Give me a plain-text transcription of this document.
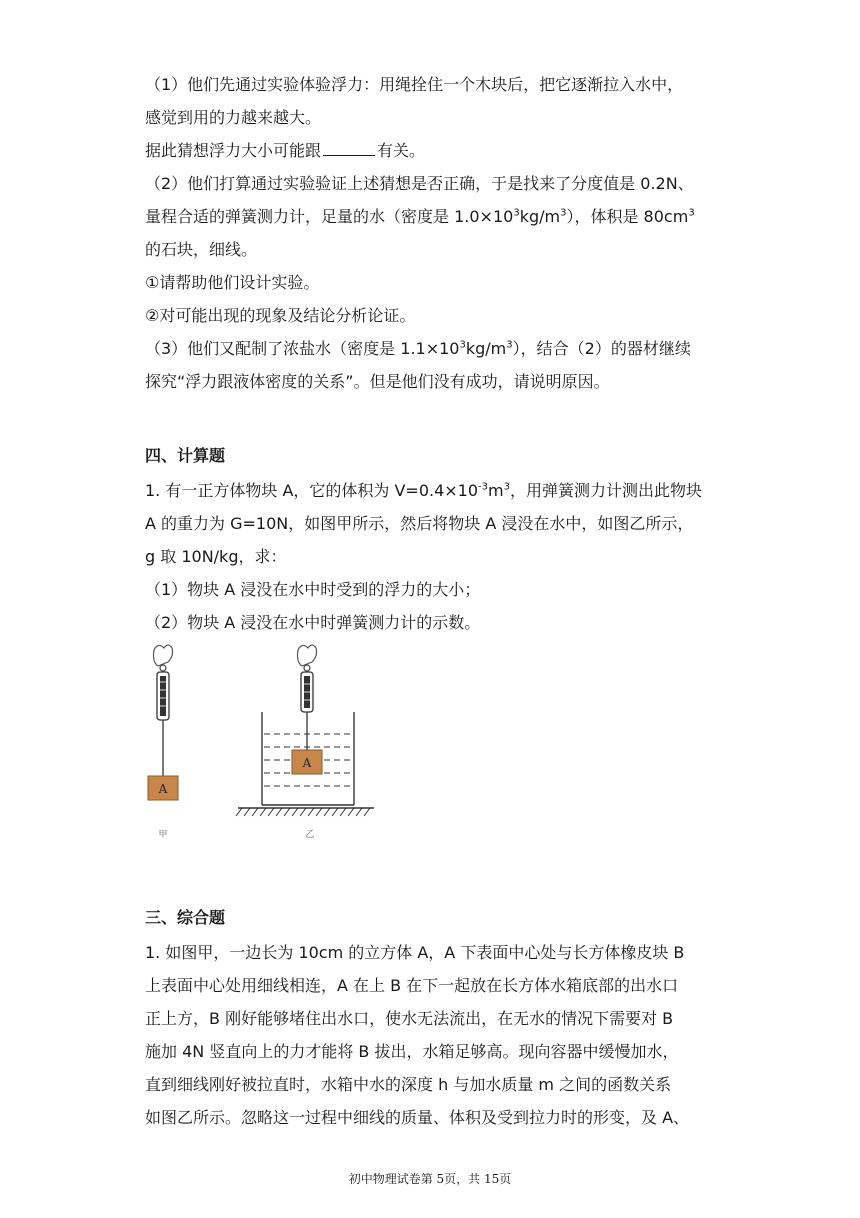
（1）他们先通过实验体验浮力：用绳拴住一个木块后，把它逐渐拉入水中，
感觉到用的力越来越大。
据此猜想浮力大小可能跟	有关。
（2）他们打算通过实验验证上述猜想是否正确，于是找来了分度值是 0.2N、
量程合适的弹簧测力计，足量的水（密度是 $1.0\times 10^3kg/m^3$），体积是 $80cm^3$
的石块，细线。
①请帮助他们设计实验。
②对可能出现的现象及结论分析论证。
（3）他们又配制了浓盐水（密度是 $1.1\times 10^3kg/m^3$），结合（2）的器材继续
探究“浮力跟液体密度的关系”。但是他们没有成功，请说明原因。
四、计算题
1. 有一正方体物块 A，它的体积为 $V=0.4\times 10^{-3}m^3$，用弹簧测力计测出此物块
A 的重力为 G=10N，如图甲所示，然后将物块 A 浸没在水中，如图乙所示，
g 取 10N/kg，求：
（1）物块 A 浸没在水中时受到的浮力的大小；
（2）物块 A 浸没在水中时弹簧测力计的示数。
A
甲
A
乙
三、综合题
1. 如图甲，一边长为 10cm 的立方体 A，A 下表面中心处与长方体橡皮块 B
上表面中心处用细线相连，A 在上 B 在下一起放在长方体水箱底部的出水口
正上方，B 刚好能够堵住出水口，使水无法流出，在无水的情况下需要对 B
施加 4N 竖直向上的力才能将 B 拔出，水箱足够高。现向容器中缓慢加水，
直到细线刚好被拉直时，水箱中水的深度 h 与加水质量 m 之间的函数关系
如图乙所示。忽略这一过程中细线的质量、体积及受到拉力时的形变，及 A、
初中物理试卷第 5页，共 15页
